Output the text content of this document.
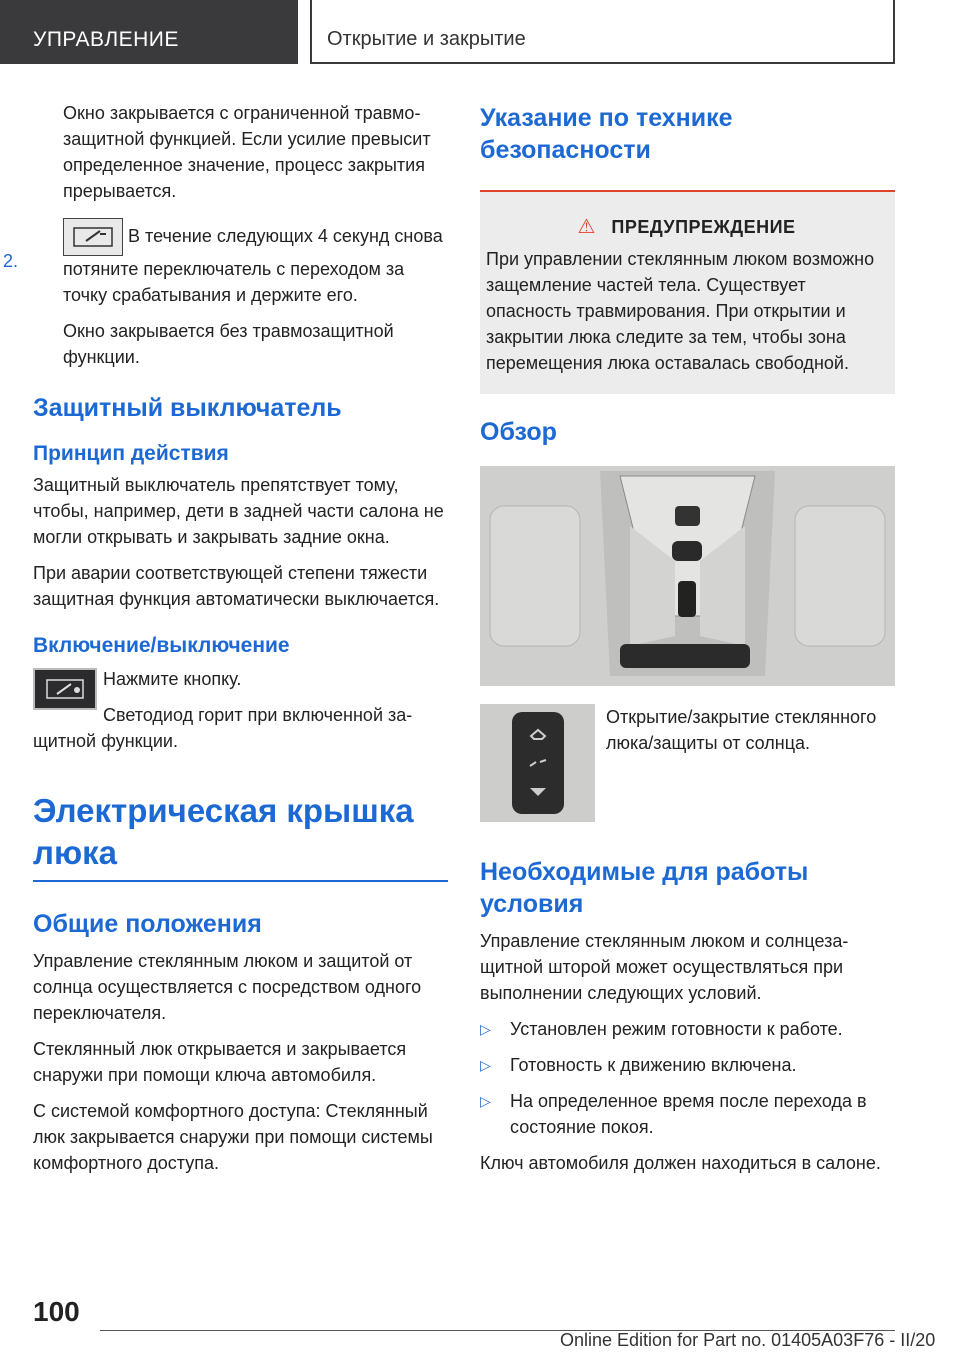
УПРАВЛЕНИЕ	Открытие и закрытие

Окно закрывается с ограниченной травмозащитной функцией. Если усилие превысит определенное значение, процесс закрытия прерывается.

2.

В течение следующих 4 секунд снова потяните переключатель с переходом за точку срабатывания и держите его.

Окно закрывается без травмозащитной функции.

Защитный выключатель
Принцип действия

Защитный выключатель препятствует тому, чтобы, например, дети в задней части салона не могли открывать и закрывать задние окна.

При аварии соответствующей степени тяжести защитная функция автоматически выключается.

Включение/выключение

Нажмите кнопку.

Светодиод горит при включенной защитной функции.

Электрическая крышка люка
Общие положения

Управление стеклянным люком и защитой от солнца осуществляется с посредством одного переключателя.

Стеклянный люк открывается и закрывается снаружи при помощи ключа автомобиля.

С системой комфортного доступа: Стеклянный люк закрывается снаружи при помощи системы комфортного доступа.

Указание по технике безопасности
⚠ ПРЕДУПРЕЖДЕНИЕ
При управлении стеклянным люком возможно защемление частей тела. Существует опасность травмирования. При открытии и закрытии люка следите за тем, чтобы зона перемещения люка оставалась свободной.
Обзор
Открытие/закрытие стеклянного люка/защиты от солнца.
Необходимые для работы условия

Управление стеклянным люком и солнцезащитной шторой может осуществляться при выполнении следующих условий.

▷ Установлен режим готовности к работе.
▷ Готовность к движению включена.
▷ На определенное время после перехода в состояние покоя.

Ключ автомобиля должен находиться в салоне.

100
Online Edition for Part no. 01405A03F76 - II/20
